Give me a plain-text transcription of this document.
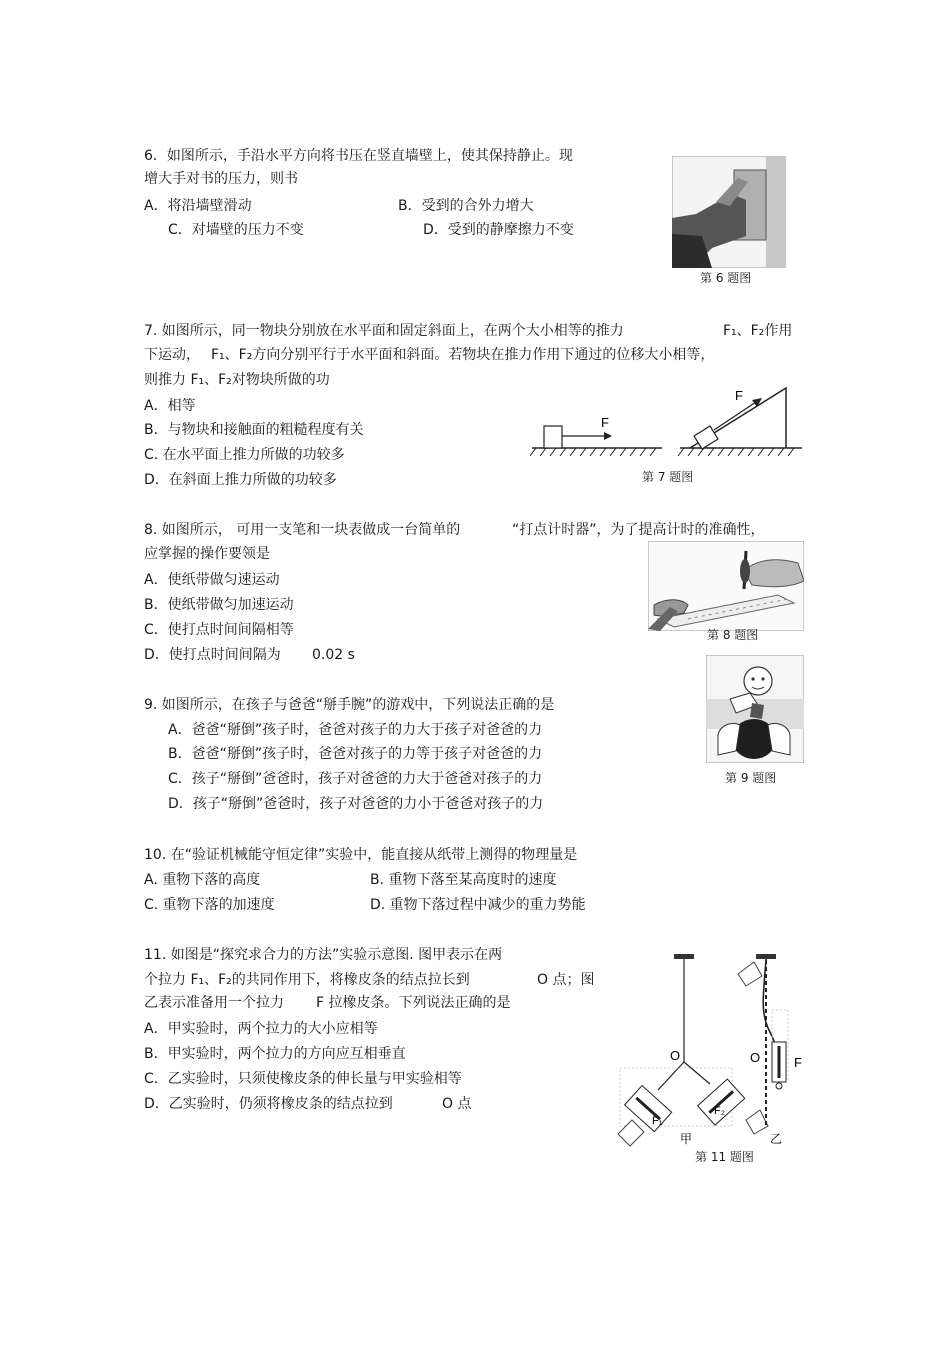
6．如图所示，手沿水平方向将书压在竖直墙壁上，使其保持静止。现
增大手对书的压力，则书
A．将沿墙壁滑动	B．受到的合外力增大
C．对墙壁的压力不变	D．受到的静摩擦力不变
第 6 题图
7. 如图所示，同一物块分别放在水平面和固定斜面上，在两个大小相等的推力	F₁、F₂作用
下运动， F₁、F₂方向分别平行于水平面和斜面。若物块在推力作用下通过的位移大小相等，
则推力 F₁、F₂对物块所做的功
A．相等
B．与物块和接触面的粗糙程度有关
C. 在水平面上推力所做的功较多
D．在斜面上推力所做的功较多
F
F
第 7 题图
8. 如图所示， 可用一支笔和一块表做成一台简单的	“打点计时器”，为了提高计时的准确性，
应掌握的操作要领是
A．使纸带做匀速运动
B．使纸带做匀加速运动
C．使打点时间间隔相等
D．使打点时间间隔为 0.02 s
第 8 题图
9. 如图所示，在孩子与爸爸“掰手腕”的游戏中，下列说法正确的是
A．爸爸“掰倒”孩子时，爸爸对孩子的力大于孩子对爸爸的力
B．爸爸“掰倒”孩子时，爸爸对孩子的力等于孩子对爸爸的力
C．孩子“掰倒”爸爸时，孩子对爸爸的力大于爸爸对孩子的力
D．孩子“掰倒”爸爸时，孩子对爸爸的力小于爸爸对孩子的力
第 9 题图
10. 在“验证机械能守恒定律”实验中，能直接从纸带上测得的物理量是
A. 重物下落的高度	B. 重物下落至某高度时的速度
C. 重物下落的加速度	D. 重物下落过程中减少的重力势能
11. 如图是“探究求合力的方法”实验示意图. 图甲表示在两
个拉力 F₁、F₂的共同作用下，将橡皮条的结点拉长到	O 点；图
乙表示准备用一个拉力 F 拉橡皮条。下列说法正确的是
A．甲实验时，两个拉力的大小应相等
B．甲实验时，两个拉力的方向应互相垂直
C．乙实验时，只须使橡皮条的伸长量与甲实验相等
D．乙实验时，仍须将橡皮条的结点拉到	O 点
O
F₁
F₂
甲
O	F
乙
第 11 题图
